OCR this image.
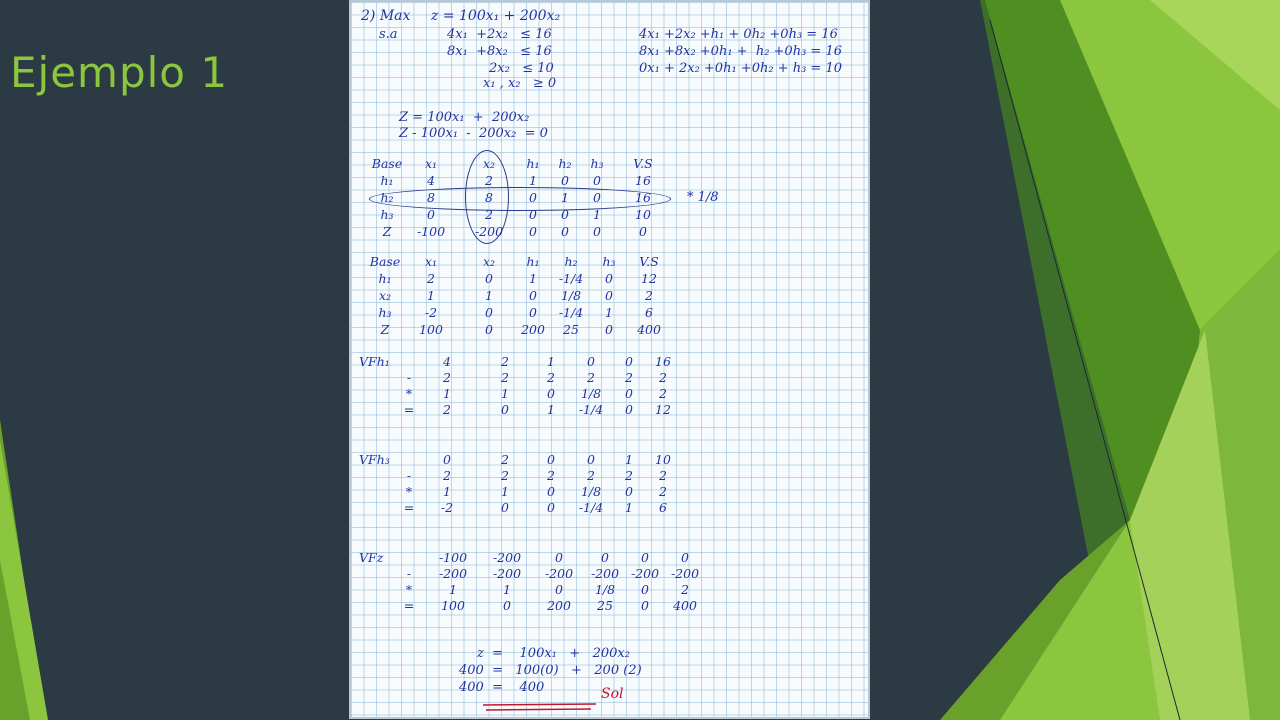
Ejemplo 1
2) Max z = 100x₁ + 200x₂
s.a	4x₁  +2x₂   ≤ 16
8x₁  +8x₂   ≤ 16
2x₂   ≤ 10
x₁ , x₂   ≥ 0
4x₁ +2x₂ +h₁ + 0h₂ +0h₃ = 16
8x₁ +8x₂ +0h₁ +  h₂ +0h₃ = 16
0x₁ + 2x₂ +0h₁ +0h₂ + h₃ = 10
Z = 100x₁  +  200x₂
Z - 100x₁  -  200x₂  = 0
Base	x₁	x₂	h₁	h₂	h₃	V.S
h₁	4	2	1	0	0	16
h₂	8	8	0	1	0	16
h₃	0	2	0	0	1	10
Z	-100	-200	0	0	0	0
* 1/8
Base	x₁	x₂	h₁	h₂	h₃	V.S
h₁	2	0	1	-1/4	0	12
x₂	1	1	0	1/8	0	2
h₃	-2	0	0	-1/4	1	6
Z	100	0	200	25	0	400
VFh₁	4	2	1	0	0	16
-	2	2	2	2	2	2
*	1	1	0	1/8	0	2
=	2	0	1	-1/4	0	12
VFh₃	0	2	0	0	1	10
-	2	2	2	2	2	2
*	1	1	0	1/8	0	2
=	-2	0	0	-1/4	1	6
VFz	-100	-200	0	0	0	0
-	-200	-200	-200	-200 -200 -200
*	1	1	0	1/8	0	2
=	100	0	200	25	0	400
z  =    100x₁   +   200x₂
400  =   100(0)   +   200 (2)
400  =    400	Sol
